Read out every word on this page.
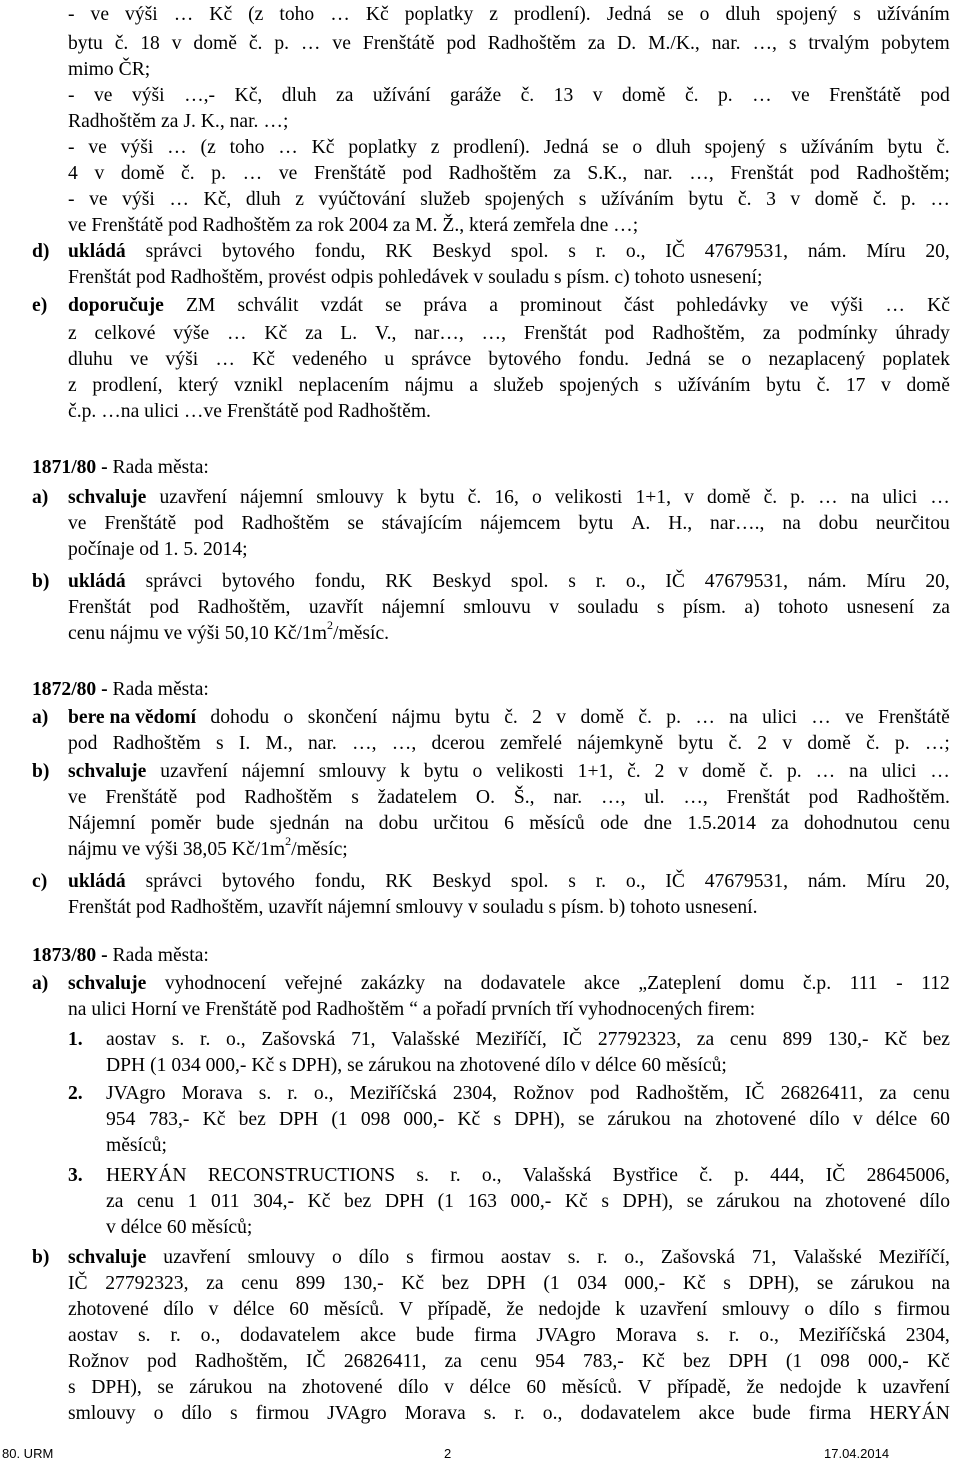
- ve výši … Kč (z toho … Kč poplatky z prodlení). Jedná se o dluh spojený s užíváním
bytu č. 18 v domě č. p. … ve Frenštátě pod Radhoštěm za D. M./K., nar. …, s trvalým pobytem
mimo ČR;
- ve výši …,- Kč, dluh za užívání garáže č. 13 v domě č. p. … ve Frenštátě pod
Radhoštěm za J. K., nar. …;
- ve výši … (z toho … Kč poplatky z prodlení). Jedná se o dluh spojený s užíváním bytu č.
4 v domě č. p. … ve Frenštátě pod Radhoštěm za S.K., nar. …, Frenštát pod Radhoštěm;
- ve výši … Kč, dluh z vyúčtování služeb spojených s užíváním bytu č. 3 v domě č. p. …
ve Frenštátě pod Radhoštěm za rok 2004 za M. Ž., která zemřela dne …;
d) ukládá správci bytového fondu, RK Beskyd spol. s r. o., IČ 47679531, nám. Míru 20,
Frenštát pod Radhoštěm, provést odpis pohledávek v souladu s písm. c) tohoto usnesení;
e) doporučuje ZM schválit vzdát se práva a prominout část pohledávky ve výši … Kč
z celkové výše … Kč za L. V., nar…, …, Frenštát pod Radhoštěm, za podmínky úhrady
dluhu ve výši … Kč vedeného u správce bytového fondu. Jedná se o nezaplacený poplatek
z prodlení, který vznikl neplacením nájmu a služeb spojených s užíváním bytu č. 17 v domě
č.p. …na ulici …ve Frenštátě pod Radhoštěm.
1871/80 - Rada města:
a) schvaluje uzavření nájemní smlouvy k bytu č. 16, o velikosti 1+1, v domě č. p. … na ulici …
ve Frenštátě pod Radhoštěm se stávajícím nájemcem bytu A. H., nar…., na dobu neurčitou
počínaje od 1. 5. 2014;
b) ukládá správci bytového fondu, RK Beskyd spol. s r. o., IČ 47679531, nám. Míru 20,
Frenštát pod Radhoštěm, uzavřít nájemní smlouvu v souladu s písm. a) tohoto usnesení za
cenu nájmu ve výši 50,10 $Kč/1m^2$/měsíc.
1872/80 - Rada města:
a) bere na vědomí dohodu o skončení nájmu bytu č. 2 v domě č. p. … na ulici … ve Frenštátě
pod Radhoštěm s I. M., nar. …, …, dcerou zemřelé nájemkyně bytu č. 2 v domě č. p. …;
b) schvaluje uzavření nájemní smlouvy k bytu o velikosti 1+1, č. 2 v domě č. p. … na ulici …
ve Frenštátě pod Radhoštěm s žadatelem O. Š., nar. …, ul. …, Frenštát pod Radhoštěm.
Nájemní poměr bude sjednán na dobu určitou 6 měsíců ode dne 1.5.2014 za dohodnutou cenu
nájmu ve výši 38,05 $Kč/1m^2$/měsíc;
c) ukládá správci bytového fondu, RK Beskyd spol. s r. o., IČ 47679531, nám. Míru 20,
Frenštát pod Radhoštěm, uzavřít nájemní smlouvy v souladu s písm. b) tohoto usnesení.
1873/80 - Rada města:
a) schvaluje vyhodnocení veřejné zakázky na dodavatele akce „Zateplení domu č.p. 111 - 112
na ulici Horní ve Frenštátě pod Radhoštěm “ a pořadí prvních tří vyhodnocených firem:
1. aostav s. r. o., Zašovská 71, Valašské Meziříčí, IČ 27792323, za cenu 899 130,- Kč bez
DPH (1 034 000,- Kč s DPH), se zárukou na zhotovené dílo v délce 60 měsíců;
2. JVAgro Morava s. r. o., Meziříčská 2304, Rožnov pod Radhoštěm, IČ 26826411, za cenu
954 783,- Kč bez DPH (1 098 000,- Kč s DPH), se zárukou na zhotovené dílo v délce 60
měsíců;
3. HERYÁN RECONSTRUCTIONS s. r. o., Valašská Bystřice č. p. 444, IČ 28645006,
za cenu 1 011 304,- Kč bez DPH (1 163 000,- Kč s DPH), se zárukou na zhotovené dílo
v délce 60 měsíců;
b) schvaluje uzavření smlouvy o dílo s firmou aostav s. r. o., Zašovská 71, Valašské Meziříčí,
IČ 27792323, za cenu 899 130,- Kč bez DPH (1 034 000,- Kč s DPH), se zárukou na
zhotovené dílo v délce 60 měsíců. V případě, že nedojde k uzavření smlouvy o dílo s firmou
aostav s. r. o., dodavatelem akce bude firma JVAgro Morava s. r. o., Meziříčská 2304,
Rožnov pod Radhoštěm, IČ 26826411, za cenu 954 783,- Kč bez DPH (1 098 000,- Kč
s DPH), se zárukou na zhotovené dílo v délce 60 měsíců. V případě, že nedojde k uzavření
smlouvy o dílo s firmou JVAgro Morava s. r. o., dodavatelem akce bude firma HERYÁN
80. URM	2	17.04.2014
